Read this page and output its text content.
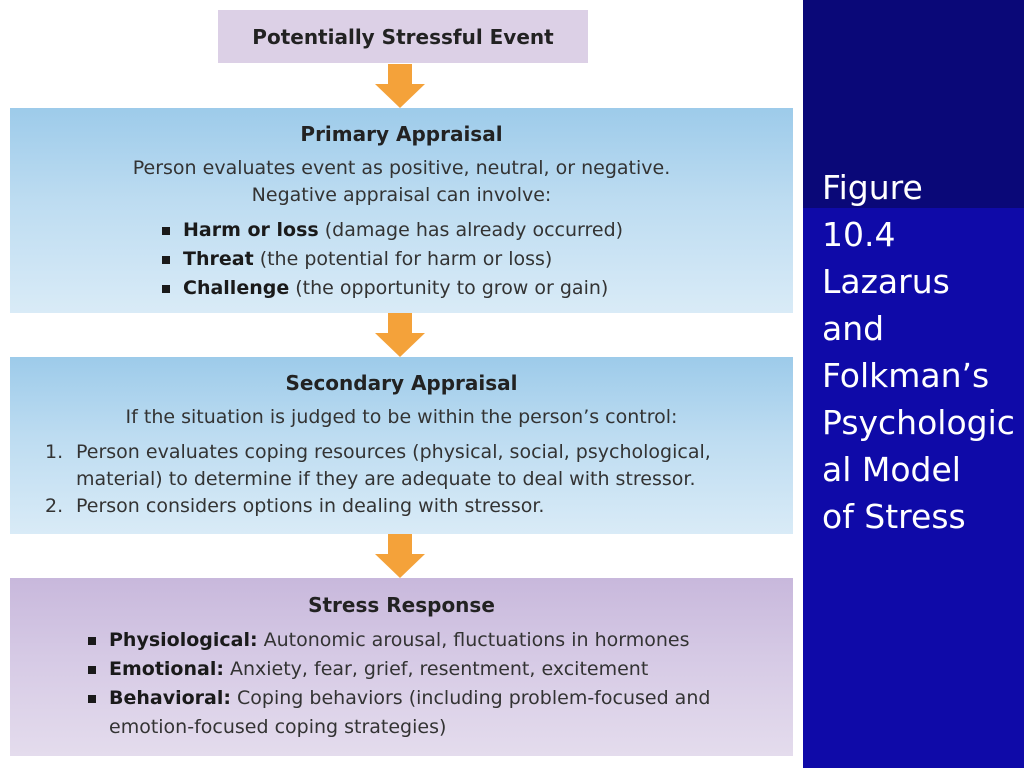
Figure
10.4
Lazarus
and
Folkman’s
Psychological Model
of Stress
Potentially Stressful Event
Primary Appraisal
Person evaluates event as positive, neutral, or negative.
Negative appraisal can involve:
Harm or loss (damage has already occurred)
Threat (the potential for harm or loss)
Challenge (the opportunity to grow or gain)
Secondary Appraisal
If the situation is judged to be within the person’s control:
1. Person evaluates coping resources (physical, social, psychological, material) to determine if they are adequate to deal with stressor.
2. Person considers options in dealing with stressor.
Stress Response
Physiological: Autonomic arousal, fluctuations in hormones
Emotional: Anxiety, fear, grief, resentment, excitement
Behavioral: Coping behaviors (including problem-focused and emotion-focused coping strategies)
